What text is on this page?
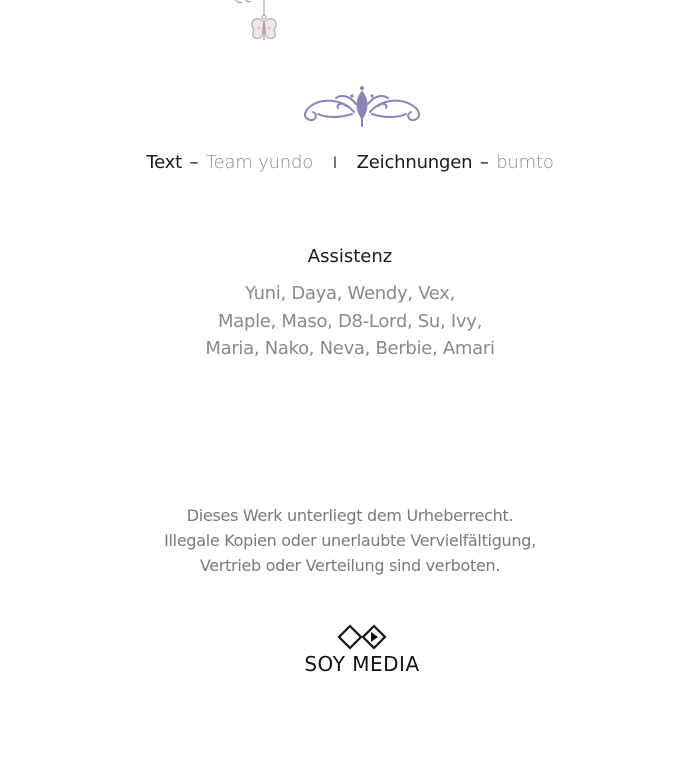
Text – Team yundo I Zeichnungen – bumto
Assistenz
Yuni, Daya, Wendy, Vex,
Maple, Maso, D8-Lord, Su, Ivy,
Maria, Nako, Neva, Berbie, Amari
Dieses Werk unterliegt dem Urheberrecht.
Illegale Kopien oder unerlaubte Vervielfältigung,
Vertrieb oder Verteilung sind verboten.
SOY MEDIA
